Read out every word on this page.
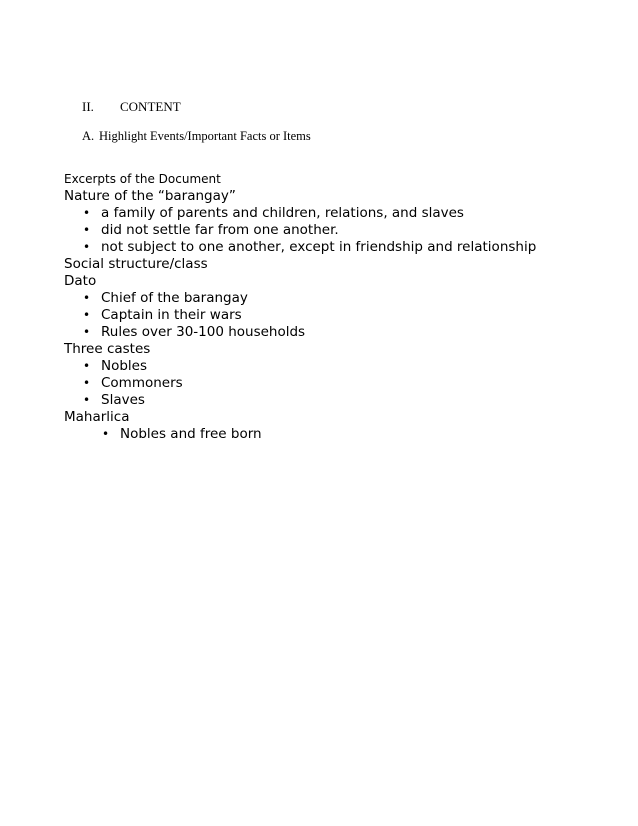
II.	CONTENT
A. Highlight Events/Important Facts or Items

Excerpts of the Document

Nature of the “barangay”

• a family of parents and children, relations, and slaves
• did not settle far from one another.
• not subject to one another, except in friendship and relationship

Social structure/class

Dato

• Chief of the barangay
• Captain in their wars
• Rules over 30-100 households

Three castes

• Nobles
• Commoners
• Slaves

Maharlica

• Nobles and free born
